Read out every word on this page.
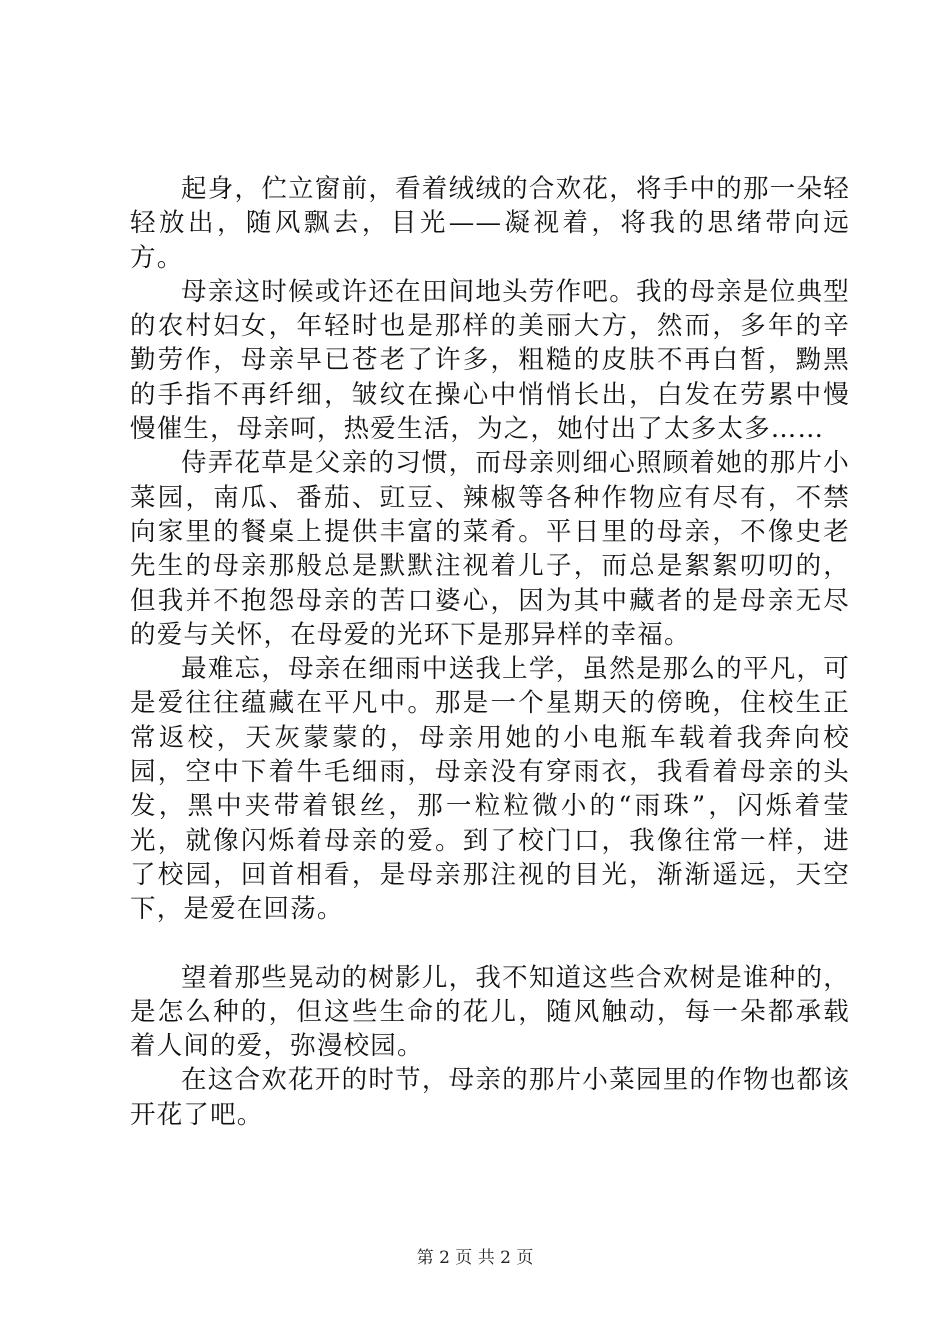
起身，伫立窗前，看着绒绒的合欢花，将手中的那一朵轻轻放出，随风飘去，目光——凝视着，将我的思绪带向远方。

母亲这时候或许还在田间地头劳作吧。我的母亲是位典型的农村妇女，年轻时也是那样的美丽大方，然而，多年的辛勤劳作，母亲早已苍老了许多，粗糙的皮肤不再白皙，黝黑的手指不再纤细，皱纹在操心中悄悄长出，白发在劳累中慢慢催生，母亲呵，热爱生活，为之，她付出了太多太多……

侍弄花草是父亲的习惯，而母亲则细心照顾着她的那片小菜园，南瓜、番茄、豇豆、辣椒等各种作物应有尽有，不禁向家里的餐桌上提供丰富的菜肴。平日里的母亲，不像史老先生的母亲那般总是默默注视着儿子，而总是絮絮叨叨的，但我并不抱怨母亲的苦口婆心，因为其中藏者的是母亲无尽的爱与关怀，在母爱的光环下是那异样的幸福。

最难忘，母亲在细雨中送我上学，虽然是那么的平凡，可是爱往往蕴藏在平凡中。那是一个星期天的傍晚，住校生正常返校，天灰蒙蒙的，母亲用她的小电瓶车载着我奔向校园，空中下着牛毛细雨，母亲没有穿雨衣，我看着母亲的头发，黑中夹带着银丝，那一粒粒微小的“雨珠”，闪烁着莹光，就像闪烁着母亲的爱。到了校门口，我像往常一样，进了校园，回首相看，是母亲那注视的目光，渐渐遥远，天空下，是爱在回荡。

望着那些晃动的树影儿，我不知道这些合欢树是谁种的，是怎么种的，但这些生命的花儿，随风触动，每一朵都承载着人间的爱，弥漫校园。

在这合欢花开的时节，母亲的那片小菜园里的作物也都该开花了吧。

第 2 页 共 2 页
